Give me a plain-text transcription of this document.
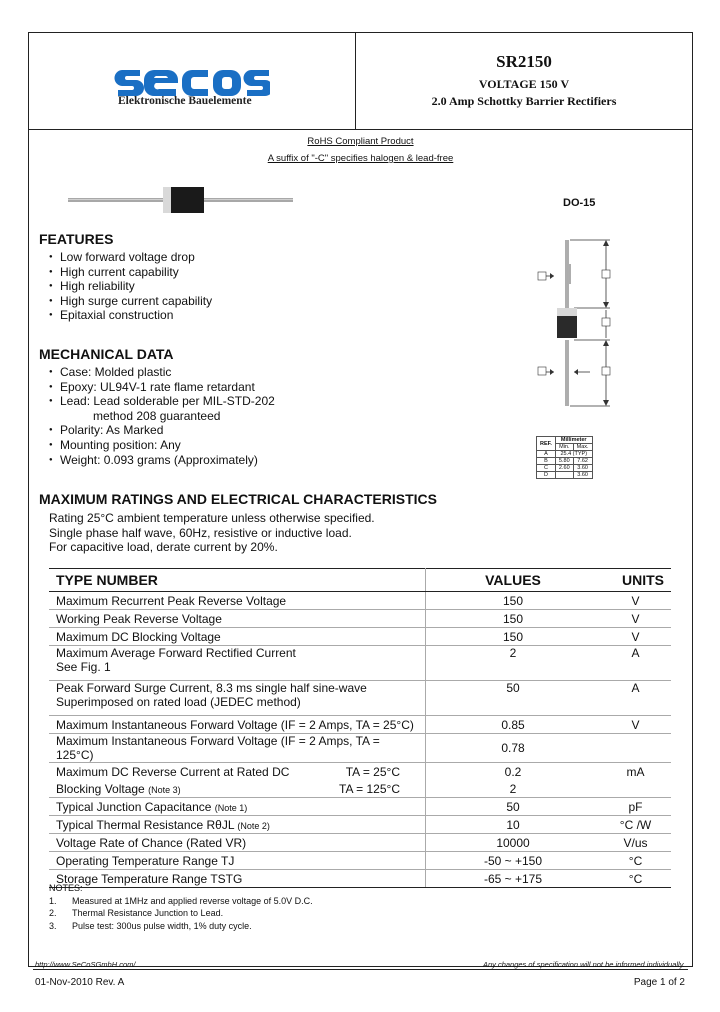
Elektronische Bauelemente
SR2150
VOLTAGE 150 V
2.0 Amp Schottky Barrier Rectifiers
RoHS Compliant Product
A suffix of "-C" specifies halogen & lead-free
DO-15
REF.	Millimeter	
	Min.	Max.
A	25.4 (TYP)	
B	5.80	7.62
C	2.60	3.60
D		3.60
FEATURES
● Low forward voltage drop
● High current capability
● High reliability
● High surge current capability
● Epitaxial construction
MECHANICAL DATA
● Case: Molded plastic
● Epoxy: UL94V-1 rate flame retardant
● Lead: Lead solderable per MIL-STD-202
method 208 guaranteed
● Polarity: As Marked
● Mounting position: Any
● Weight: 0.093 grams (Approximately)
MAXIMUM RATINGS AND ELECTRICAL CHARACTERISTICS
Rating 25°C ambient temperature unless otherwise specified.
Single phase half wave, 60Hz, resistive or inductive load.
For capacitive load, derate current by 20%.
TYPE NUMBER	VALUES	UNITS
Maximum Recurrent Peak Reverse Voltage	150	V
Working Peak Reverse Voltage	150	V
Maximum DC Blocking Voltage	150	V

Maximum Average Forward Rectified Current
See Fig. 1	2	A

Peak Forward Surge Current, 8.3 ms single half sine-wave
Superimposed on rated load (JEDEC method)	50	A
Maximum Instantaneous Forward Voltage (IF = 2 Amps, TA = 25°C)	0.85	V
Maximum Instantaneous Forward Voltage (IF = 2 Amps, TA = 125°C)	0.78	

Maximum DC Reverse Current at Rated DC TA = 25°C	0.2	mA

Blocking Voltage (Note 3) TA = 125°C	2	
Typical Junction Capacitance (Note 1)	50	pF
Typical Thermal Resistance RθJL (Note 2)	10	°C /W
Voltage Rate of Chance (Rated VR)	10000	V/us
Operating Temperature Range TJ	-50 ~ +150	°C
Storage Temperature Range TSTG	-65 ~ +175	°C
NOTES:
1.	Measured at 1MHz and applied reverse voltage of 5.0V D.C.
2.	Thermal Resistance Junction to Lead.
3.	Pulse test: 300us pulse width, 1% duty cycle.
http://www.SeCoSGmbH.com/	Any changes of specification will not be informed individually.
01-Nov-2010 Rev. A	Page 1 of 2
